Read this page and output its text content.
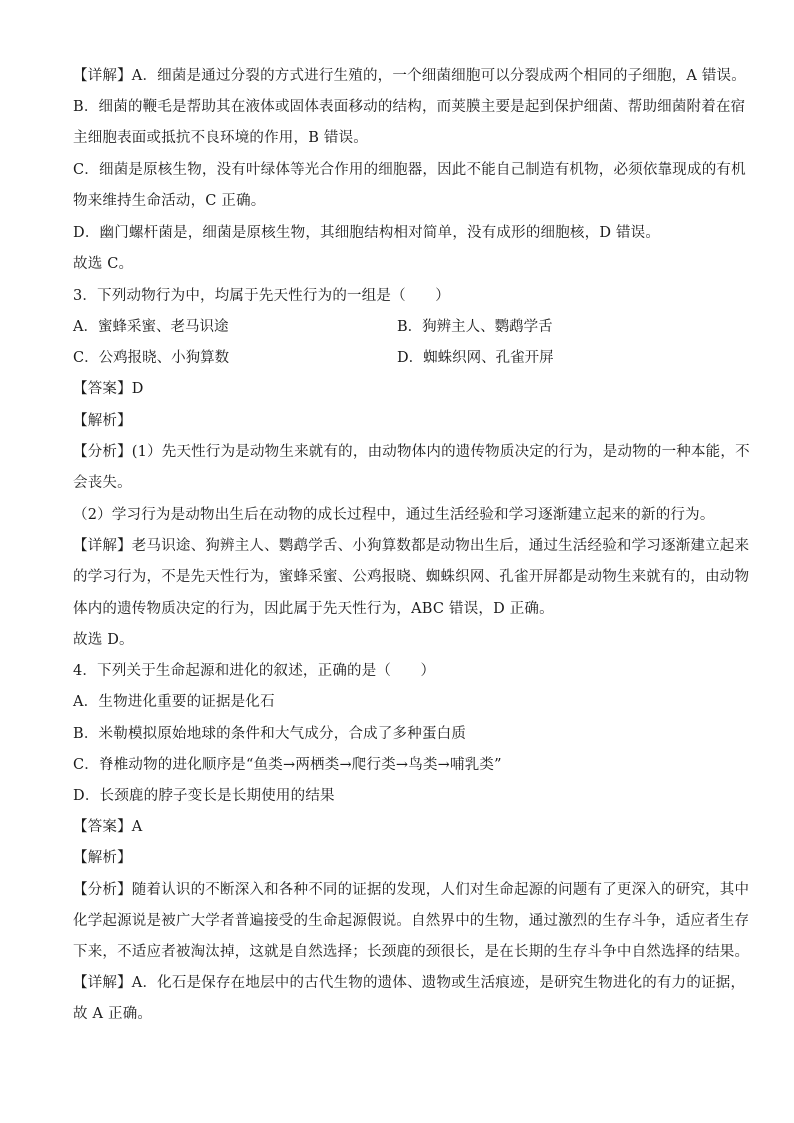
【详解】A．细菌是通过分裂的方式进行生殖的，一个细菌细胞可以分裂成两个相同的子细胞，A 错误。
B．细菌的鞭毛是帮助其在液体或固体表面移动的结构，而荚膜主要是起到保护细菌、帮助细菌附着在宿
主细胞表面或抵抗不良环境的作用，B 错误。
C．细菌是原核生物，没有叶绿体等光合作用的细胞器，因此不能自己制造有机物，必须依靠现成的有机
物来维持生命活动，C 正确。
D．幽门螺杆菌是，细菌是原核生物，其细胞结构相对简单，没有成形的细胞核，D 错误。
故选 C。
3．下列动物行为中，均属于先天性行为的一组是（　　）
A．蜜蜂采蜜、老马识途	B．狗辨主人、鹦鹉学舌
C．公鸡报晓、小狗算数	D．蜘蛛织网、孔雀开屏
【答案】D
【解析】
【分析】(1）先天性行为是动物生来就有的，由动物体内的遗传物质决定的行为，是动物的一种本能，不
会丧失。
（2）学习行为是动物出生后在动物的成长过程中，通过生活经验和学习逐渐建立起来的新的行为。
【详解】老马识途、狗辨主人、鹦鹉学舌、小狗算数都是动物出生后，通过生活经验和学习逐渐建立起来
的学习行为，不是先天性行为，蜜蜂采蜜、公鸡报晓、蜘蛛织网、孔雀开屏都是动物生来就有的，由动物
体内的遗传物质决定的行为，因此属于先天性行为，ABC 错误，D 正确。
故选 D。
4．下列关于生命起源和进化的叙述，正确的是（　　）
A．生物进化重要的证据是化石
B．米勒模拟原始地球的条件和大气成分，合成了多种蛋白质
C．脊椎动物的进化顺序是“鱼类→两栖类→爬行类→鸟类→哺乳类”
D．长颈鹿的脖子变长是长期使用的结果
【答案】A
【解析】
【分析】随着认识的不断深入和各种不同的证据的发现，人们对生命起源的问题有了更深入的研究，其中
化学起源说是被广大学者普遍接受的生命起源假说。自然界中的生物，通过激烈的生存斗争，适应者生存
下来，不适应者被淘汰掉，这就是自然选择；长颈鹿的颈很长，是在长期的生存斗争中自然选择的结果。
【详解】A．化石是保存在地层中的古代生物的遗体、遗物或生活痕迹，是研究生物进化的有力的证据，
故 A 正确。
